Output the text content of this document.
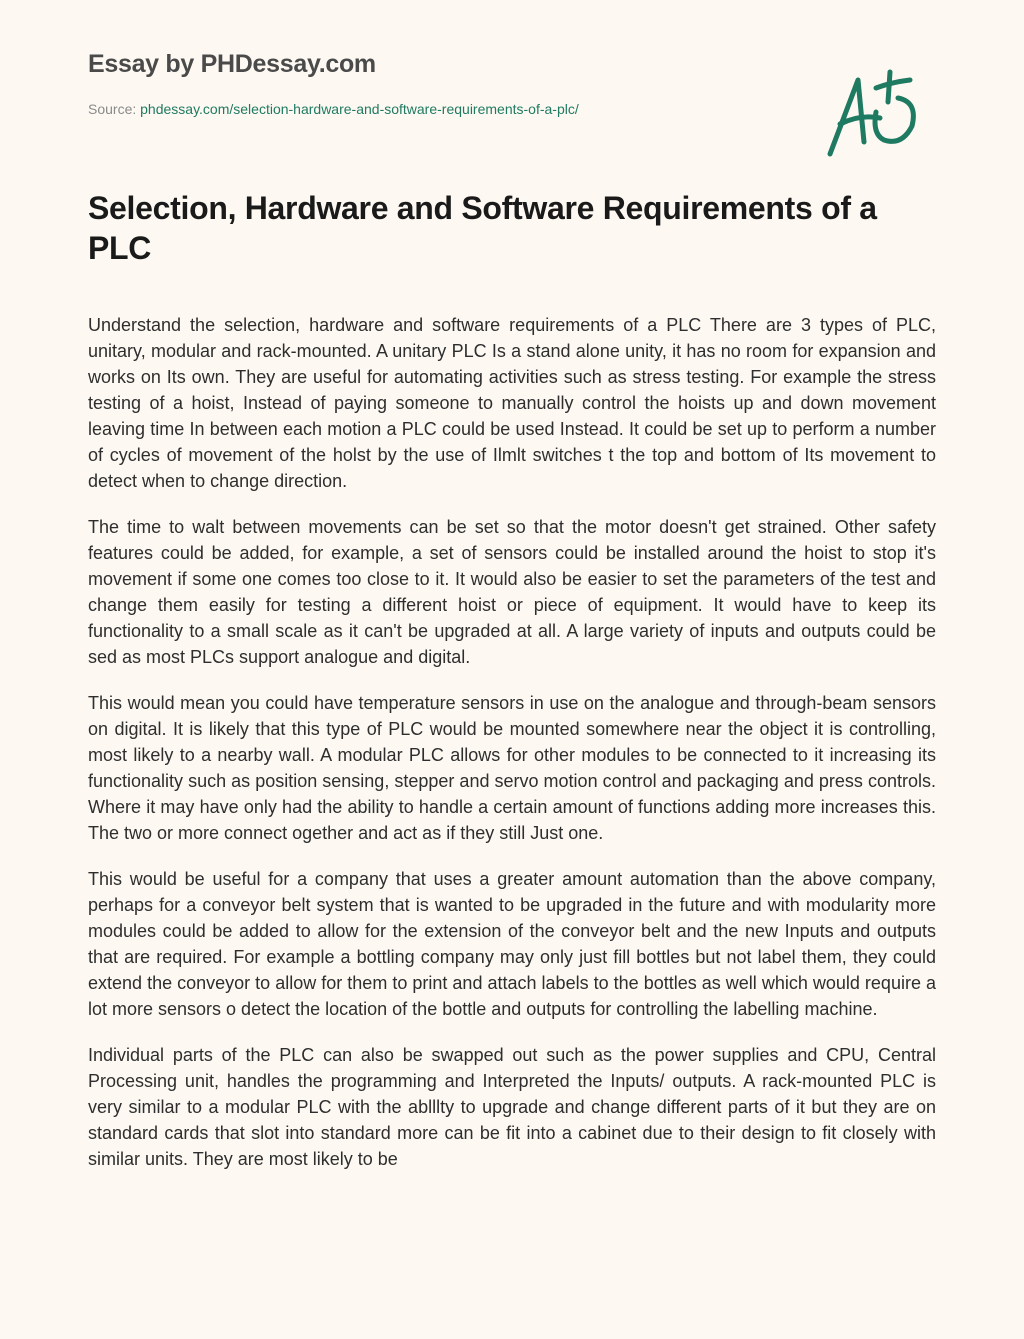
Essay by PHDessay.com
Source: phdessay.com/selection-hardware-and-software-requirements-of-a-plc/
Selection, Hardware and Software Requirements of a PLC

Understand the selection, hardware and software requirements of a PLC There are 3 types of PLC, unitary, modular and rack-mounted. A unitary PLC Is a stand alone unity, it has no room for expansion and works on Its own. They are useful for automating activities such as stress testing. For example the stress testing of a hoist, Instead of paying someone to manually control the hoists up and down movement leaving time In between each motion a PLC could be used Instead. It could be set up to perform a number of cycles of movement of the holst by the use of Ilmlt switches t the top and bottom of Its movement to detect when to change direction.

The time to walt between movements can be set so that the motor doesn't get strained. Other safety features could be added, for example, a set of sensors could be installed around the hoist to stop it's movement if some one comes too close to it. It would also be easier to set the parameters of the test and change them easily for testing a different hoist or piece of equipment. It would have to keep its functionality to a small scale as it can't be upgraded at all. A large variety of inputs and outputs could be sed as most PLCs support analogue and digital.

This would mean you could have temperature sensors in use on the analogue and through-beam sensors on digital. It is likely that this type of PLC would be mounted somewhere near the object it is controlling, most likely to a nearby wall. A modular PLC allows for other modules to be connected to it increasing its functionality such as position sensing, stepper and servo motion control and packaging and press controls. Where it may have only had the ability to handle a certain amount of functions adding more increases this. The two or more connect ogether and act as if they still Just one.

This would be useful for a company that uses a greater amount automation than the above company, perhaps for a conveyor belt system that is wanted to be upgraded in the future and with modularity more modules could be added to allow for the extension of the conveyor belt and the new Inputs and outputs that are required. For example a bottling company may only just fill bottles but not label them, they could extend the conveyor to allow for them to print and attach labels to the bottles as well which would require a lot more sensors o detect the location of the bottle and outputs for controlling the labelling machine.

Individual parts of the PLC can also be swapped out such as the power supplies and CPU, Central Processing unit, handles the programming and Interpreted the Inputs/ outputs. A rack-mounted PLC is very similar to a modular PLC with the ablllty to upgrade and change different parts of it but they are on standard cards that slot into standard more can be fit into a cabinet due to their design to fit closely with similar units. They are most likely to be
